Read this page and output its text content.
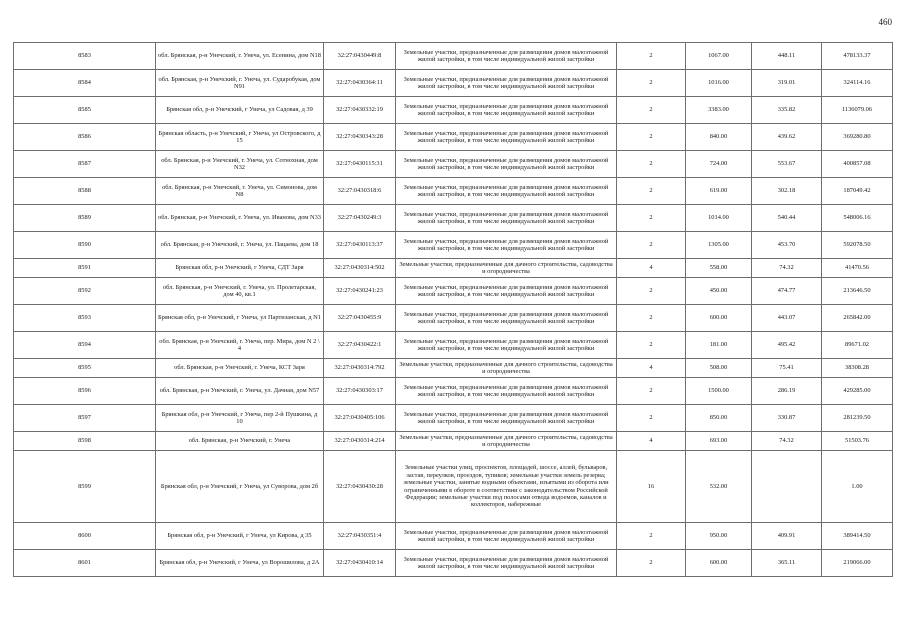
460
8583	обл. Брянская, р-н Унечский, г. Унеча, ул. Есенина, дом N18	32:27:0430449:8	Земельные участки, предназначенные для размещения домов малоэтажной жилой застройки, в том числе индивидуальной жилой застройки	2	1067.00	448.11	478133.37
8584	обл. Брянская, р-н Унечский, г. Унеча, ул. Сударобукая, дом N91	32:27:0430364:11	Земельные участки, предназначенные для размещения домов малоэтажной жилой застройки, в том числе индивидуальной жилой застройки	2	1016.00	319.01	324114.16
8585	Брянская обл, р-н Унечский, г Унеча, ул Садовая, д 39	32:27:0430332:19	Земельные участки, предназначенные для размещения домов малоэтажной жилой застройки, в том числе индивидуальной жилой застройки	2	3383.00	335.82	1136079.06
8586	Брянская область, р-н Унечский, г Унеча, ул Островского, д 15	32:27:0430343:28	Земельные участки, предназначенные для размещения домов малоэтажной жилой застройки, в том числе индивидуальной жилой застройки	2	840.00	439.62	369280.80
8587	обл. Брянская, р-н Унечский, г. Унеча, ул. Сотнохная, дом N32	32:27:0430115:31	Земельные участки, предназначенные для размещения домов малоэтажной жилой застройки, в том числе индивидуальной жилой застройки	2	724.00	553.67	400857.08
8588	обл. Брянская, р-н Унечский, г. Унеча, ул. Симонова, дом N8	32:27:0430318:6	Земельные участки, предназначенные для размещения домов малоэтажной жилой застройки, в том числе индивидуальной жилой застройки	2	619.00	302.18	187049.42
8589	обл. Брянская, р-н Унечский, г. Унеча, ул. Иванова, дом N33	32:27:0430249:3	Земельные участки, предназначенные для размещения домов малоэтажной жилой застройки, в том числе индивидуальной жилой застройки	2	1014.00	540.44	548006.16
8590	обл. Брянская, р-н Унечский, г. Унеча, ул. Пацаева, дом 18	32:27:0430113:37	Земельные участки, предназначенные для размещения домов малоэтажной жилой застройки, в том числе индивидуальной жилой застройки	2	1305.00	453.70	592078.50
8591	Брянская обл, р-н Унечский, г Унеча, СДТ Заря	32:27:0430314:502	Земельные участки, предназначенные для дачного строительства, садоводства и огородничества	4	558.00	74.32	41470.56
8592	обл. Брянская, р-н Унечский, г. Унеча, ул. Пролетарская, дом 40, кв.1	32:27:0430241:23	Земельные участки, предназначенные для размещения домов малоэтажной жилой застройки, в том числе индивидуальной жилой застройки	2	450.00	474.77	213646.50
8593	Брянская обл, р-н Унечский, г Унеча, ул Партизанская, д N1	32:27:0430455:9	Земельные участки, предназначенные для размещения домов малоэтажной жилой застройки, в том числе индивидуальной жилой застройки	2	600.00	443.07	265842.00
8594	обл. Брянская, р-н Унечский, г. Унеча, пер. Мира, дом N 2 \ 4	32:27:0430422:1	Земельные участки, предназначенные для размещения домов малоэтажной жилой застройки, в том числе индивидуальной жилой застройки	2	181.00	495.42	89671.02
8595	обл. Брянская, р-н Унечский, г. Унеча, КСТ Заря	32:27:0430314:792	Земельные участки, предназначенные для дачного строительства, садоводства и огородничества	4	508.00	75.41	38308.28
8596	обл. Брянская, р-н Унечский, г. Унеча, ул. Дачная, дом N57	32:27:0430303:17	Земельные участки, предназначенные для размещения домов малоэтажной жилой застройки, в том числе индивидуальной жилой застройки	2	1500.00	286.19	429285.00
8597	Брянская обл, р-н Унечский, г Унеча, пер 2-й Пушкина, д 10	32:27:0430405:106	Земельные участки, предназначенные для размещения домов малоэтажной жилой застройки, в том числе индивидуальной жилой застройки	2	850.00	330.87	281239.50
8598	обл. Брянская, р-н Унечский, г. Унеча	32:27:0430314:214	Земельные участки, предназначенные для дачного строительства, садоводства и огородничества	4	693.00	74.32	51503.76
8599	Брянская обл, р-н Унечский, г Унеча, ул Суворова, дом 2б	32:27:0430430:28	Земельные участки улиц, проспектов, площадей, шоссе, аллей, бульваров, застав, переулков, проездов, тупиков; земельные участки земель резерва; земельные участки, занятые водными объектами, изъятыми из оборота или ограниченными в обороте в соответствии с законодательством Российской Федерации; земельные участки под полосами отвода водоемов, каналов и коллекторов, набережные	16	532.00		1.00
8600	Брянская обл, р-н Унечский, г Унеча, ул Кирова, д 35	32:27:0430351:4	Земельные участки, предназначенные для размещения домов малоэтажной жилой застройки, в том числе индивидуальной жилой застройки	2	950.00	409.91	389414.50
8601	Брянская обл, р-н Унечский, г Унеча, ул Ворошилова, д 2А	32:27:0430410:14	Земельные участки, предназначенные для размещения домов малоэтажной жилой застройки, в том числе индивидуальной жилой застройки	2	600.00	365.11	219066.00
